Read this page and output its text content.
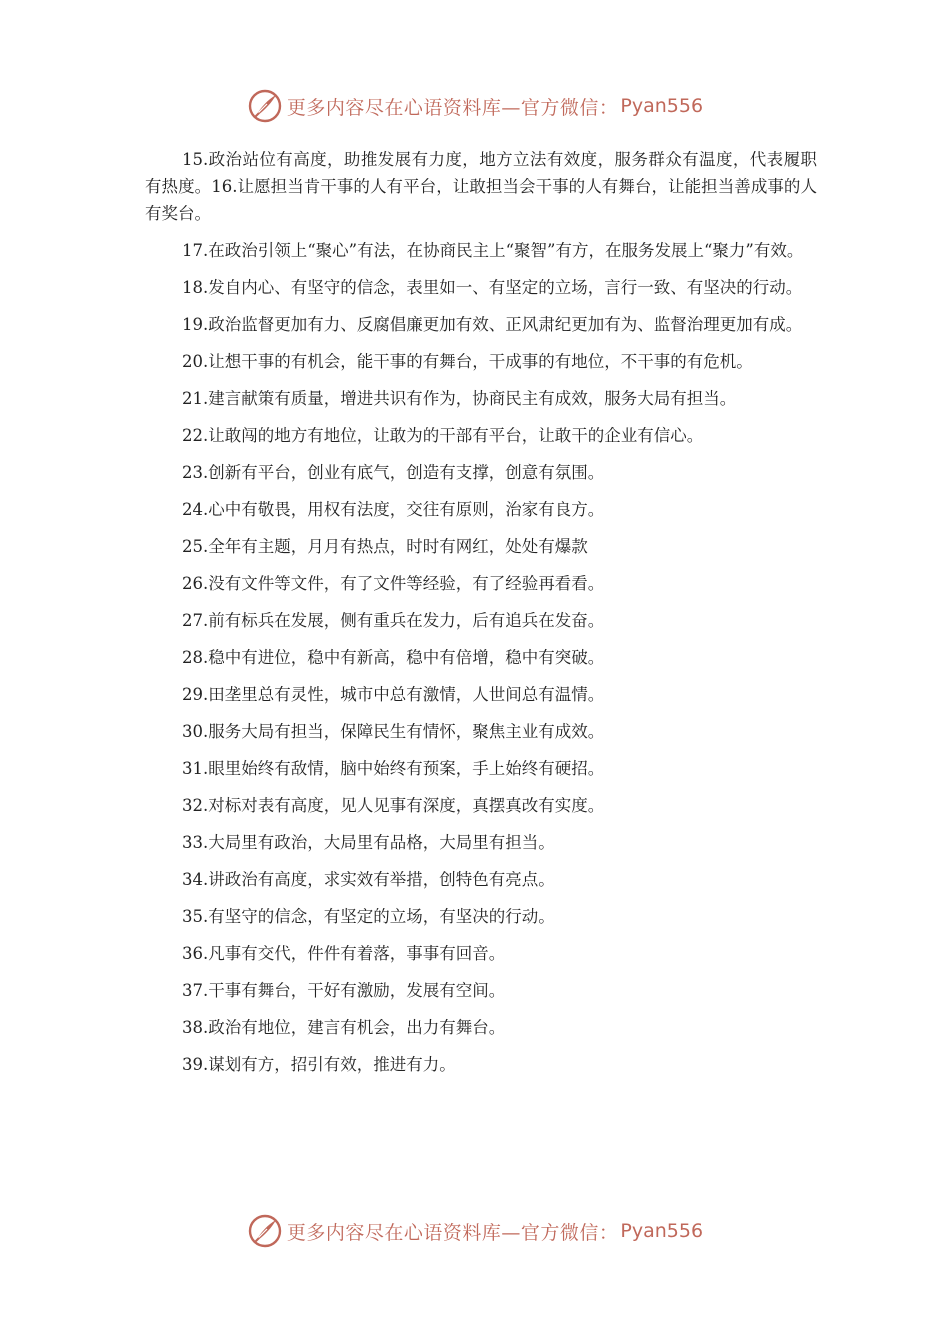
更多内容尽在心语资料库—官方微信： Pyan556

15.政治站位有高度，助推发展有力度，地方立法有效度，服务群众有温度，代表履职有热度。16.让愿担当肯干事的人有平台，让敢担当会干事的人有舞台，让能担当善成事的人有奖台。

17.在政治引领上“聚心”有法，在协商民主上“聚智”有方，在服务发展上“聚力”有效。

18.发自内心、有坚守的信念，表里如一、有坚定的立场，言行一致、有坚决的行动。

19.政治监督更加有力、反腐倡廉更加有效、正风肃纪更加有为、监督治理更加有成。

20.让想干事的有机会，能干事的有舞台，干成事的有地位，不干事的有危机。

21.建言献策有质量，增进共识有作为，协商民主有成效，服务大局有担当。

22.让敢闯的地方有地位，让敢为的干部有平台，让敢干的企业有信心。

23.创新有平台，创业有底气，创造有支撑，创意有氛围。

24.心中有敬畏，用权有法度，交往有原则，治家有良方。

25.全年有主题，月月有热点，时时有网红，处处有爆款

26.没有文件等文件，有了文件等经验，有了经验再看看。

27.前有标兵在发展，侧有重兵在发力，后有追兵在发奋。

28.稳中有进位，稳中有新高，稳中有倍增，稳中有突破。

29.田垄里总有灵性，城市中总有激情，人世间总有温情。

30.服务大局有担当，保障民生有情怀，聚焦主业有成效。

31.眼里始终有敌情，脑中始终有预案，手上始终有硬招。

32.对标对表有高度，见人见事有深度，真摆真改有实度。

33.大局里有政治，大局里有品格，大局里有担当。

34.讲政治有高度，求实效有举措，创特色有亮点。

35.有坚守的信念，有坚定的立场，有坚决的行动。

36.凡事有交代，件件有着落，事事有回音。

37.干事有舞台，干好有激励，发展有空间。

38.政治有地位，建言有机会，出力有舞台。

39.谋划有方，招引有效，推进有力。

更多内容尽在心语资料库—官方微信： Pyan556
